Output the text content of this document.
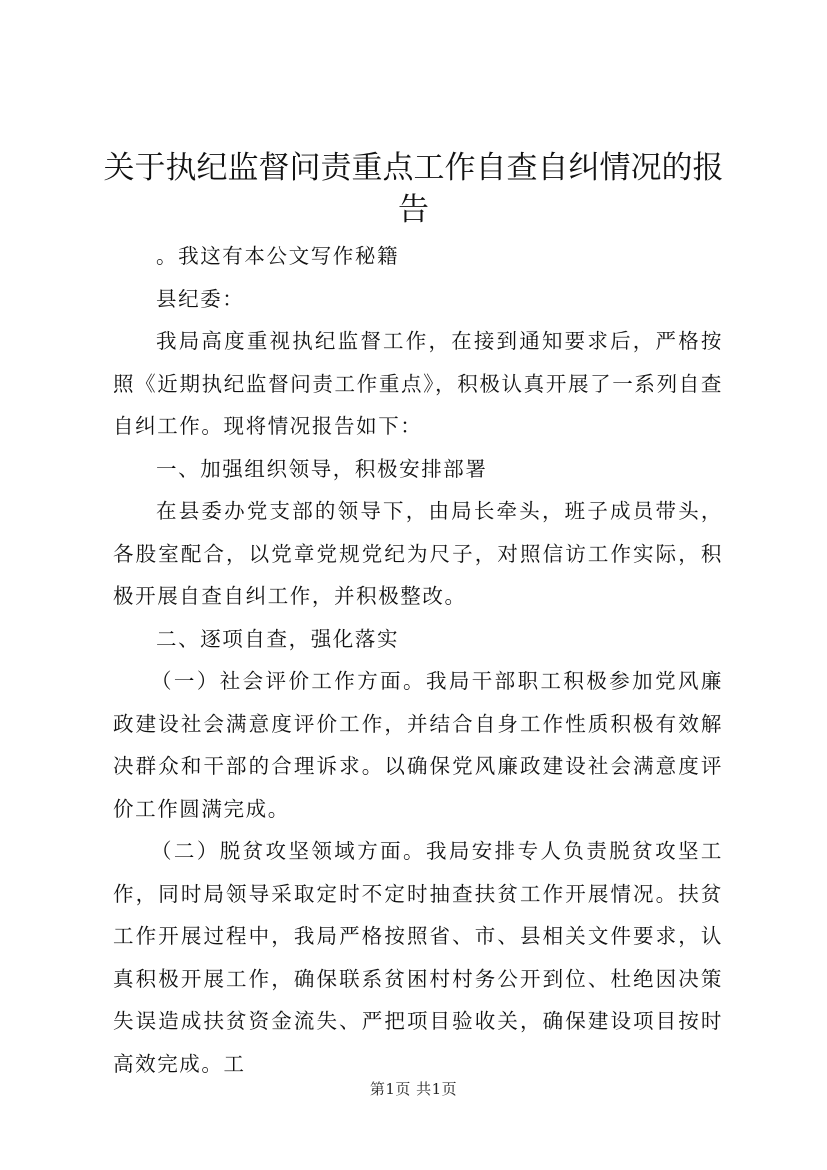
关于执纪监督问责重点工作自查自纠情况的报告

。我这有本公文写作秘籍

县纪委：

我局高度重视执纪监督工作，在接到通知要求后，严格按照《近期执纪监督问责工作重点》，积极认真开展了一系列自查自纠工作。现将情况报告如下：

一、加强组织领导，积极安排部署

在县委办党支部的领导下，由局长牵头，班子成员带头，各股室配合，以党章党规党纪为尺子，对照信访工作实际，积极开展自查自纠工作，并积极整改。

二、逐项自查，强化落实

（一）社会评价工作方面。我局干部职工积极参加党风廉政建设社会满意度评价工作，并结合自身工作性质积极有效解决群众和干部的合理诉求。以确保党风廉政建设社会满意度评价工作圆满完成。

（二）脱贫攻坚领域方面。我局安排专人负责脱贫攻坚工作，同时局领导采取定时不定时抽查扶贫工作开展情况。扶贫工作开展过程中，我局严格按照省、市、县相关文件要求，认真积极开展工作，确保联系贫困村村务公开到位、杜绝因决策失误造成扶贫资金流失、严把项目验收关，确保建设项目按时高效完成。工

第1页 共1页
